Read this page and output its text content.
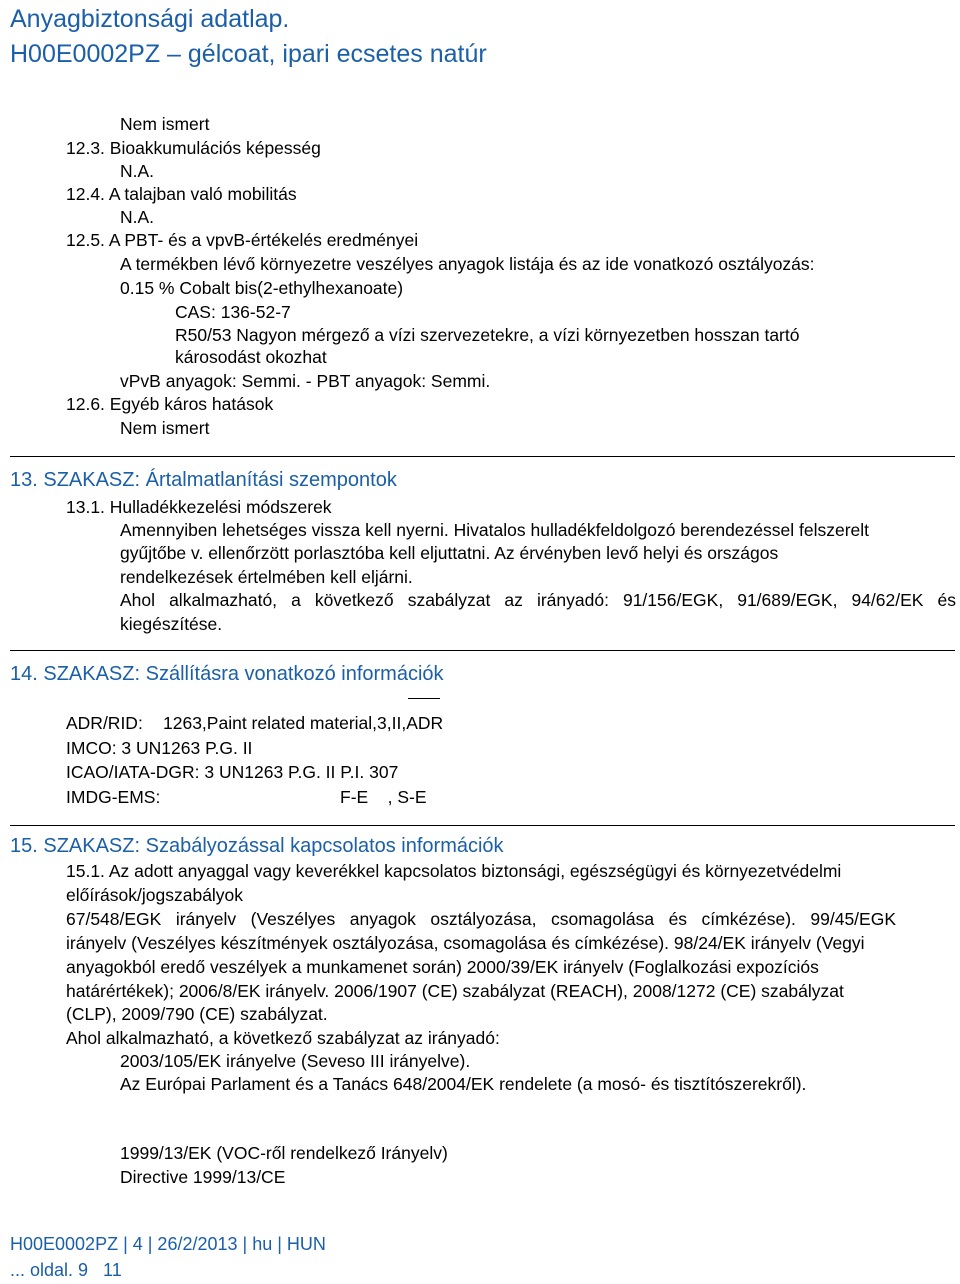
Anyagbiztonsági adatlap.
H00E0002PZ – gélcoat, ipari ecsetes natúr
Nem ismert
12.3. Bioakkumulációs képesség
N.A.
12.4. A talajban való mobilitás
N.A.
12.5. A PBT- és a vpvB-értékelés eredményei
A termékben lévő környezetre veszélyes anyagok listája és az ide vonatkozó osztályozás:
0.15 % Cobalt bis(2-ethylhexanoate)
CAS: 136-52-7
R50/53 Nagyon mérgező a vízi szervezetekre, a vízi környezetben hosszan tartó
károsodást okozhat
vPvB anyagok: Semmi. - PBT anyagok: Semmi.
12.6. Egyéb káros hatások
Nem ismert
13. SZAKASZ: Ártalmatlanítási szempontok
13.1. Hulladékkezelési módszerek
Amennyiben lehetséges vissza kell nyerni. Hivatalos hulladékfeldolgozó berendezéssel felszerelt
gyűjtőbe v. ellenőrzött porlasztóba kell eljuttatni. Az érvényben levő helyi és országos
rendelkezések értelmében kell eljárni.
Ahol alkalmazható, a következő szabályzat az irányadó: 91/156/EGK, 91/689/EGK, 94/62/EK és
kiegészítése.
14. SZAKASZ: Szállításra vonatkozó információk
ADR/RID: 1263,Paint related material,3,II,ADR
IMCO: 3 UN1263 P.G. II
ICAO/IATA-DGR: 3 UN1263 P.G. II P.I. 307
IMDG-EMS:	F-E    , S-E
15. SZAKASZ: Szabályozással kapcsolatos információk
15.1. Az adott anyaggal vagy keverékkel kapcsolatos biztonsági, egészségügyi és környezetvédelmi
előírások/jogszabályok
67/548/EGK irányelv (Veszélyes anyagok osztályozása, csomagolása és címkézése). 99/45/EGK
irányelv (Veszélyes készítmények osztályozása, csomagolása és címkézése). 98/24/EK irányelv (Vegyi
anyagokból eredő veszélyek a munkamenet során) 2000/39/EK irányelv (Foglalkozási expozíciós
határértékek); 2006/8/EK irányelv. 2006/1907 (CE) szabályzat (REACH), 2008/1272 (CE) szabályzat
(CLP), 2009/790 (CE) szabályzat.
Ahol alkalmazható, a következő szabályzat az irányadó:
2003/105/EK irányelve (Seveso III irányelve).
Az Európai Parlament és a Tanács 648/2004/EK rendelete (a mosó- és tisztítószerekről).
1999/13/EK (VOC-ről rendelkező Irányelv)
Directive 1999/13/CE
H00E0002PZ | 4 | 26/2/2013 | hu | HUN
... oldal. 9   11
